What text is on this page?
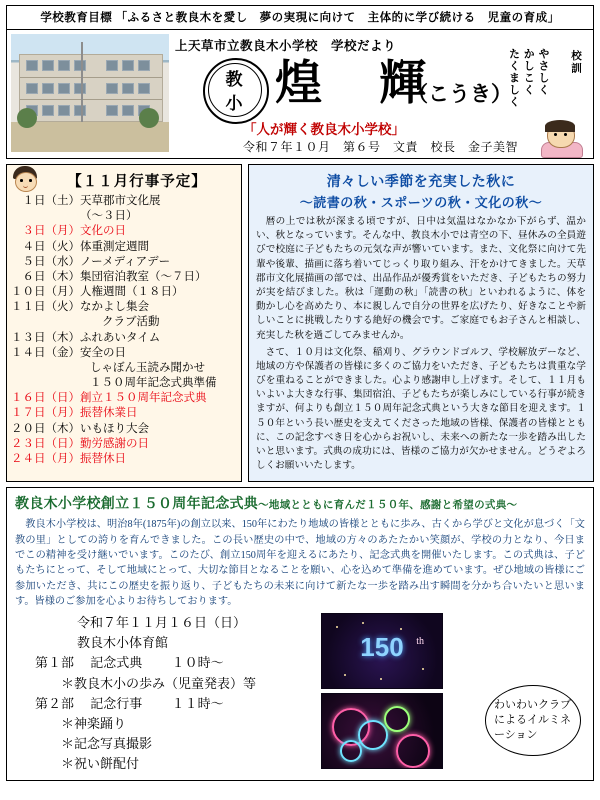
学校教育目標 「ふるさと教良木を愛し　夢の実現に向けて　主体的に学び続ける　児童の育成」
上天草市立教良木小学校　学校だより
教
小 煌　輝
（こうき）
校訓
やさしく
かしこく
たくましく
「人が輝く教良木小学校」
令和７年１０月　第６号　文責　校長　金子美智
【１１月行事予定】
１日	（土）	天草郡市文化展
		（～３日）
３日	（月）	文化の日
４日	（火）	体重測定週間
５日	（水）	ノーメディアデー
６日	（木）	集団宿泊教室（～７日）
１０日	（月）	人権週間（１８日）
１１日	（火）	なかよし集会
		クラブ活動
１３日	（木）	ふれあいタイム
１４日	（金）	安全の日
		しゃぼん玉読み聞かせ
		１５０周年記念式典準備
１６日	（日）	創立１５０周年記念式典
１７日	（月）	振替休業日
２０日	（木）	いもほり大会
２３日	（日）	勤労感謝の日
２４日	（月）	振替休日
清々しい季節を充実した秋に
～読書の秋・スポーツの秋・文化の秋～

暦の上では秋が深まる頃ですが、日中は気温はなかなか下がらず、温かい、秋となっています。そんな中、教良木小では青空の下、昼休みの全員遊びで校庭に子どもたちの元気な声が響いています。また、文化祭に向けて先輩や後輩、描画に落ち着いてじっくり取り組み、汗をかけてきました。天草郡市文化展描画の部では、出品作品が優秀賞をいただき、子どもたちの努力が実を結びました。秋は「運動の秋」「読書の秋」といわれるように、体を動かし心を高めたり、本に親しんで自分の世界を広げたり、好きなことや新しいことに挑戦したりする絶好の機会です。ご家庭でもお子さんと相談し、充実した秋を過ごしてみませんか。

さて、１０月は文化祭、稲刈り、グラウンドゴルフ、学校解放デーなど、地域の方や保護者の皆様に多くのご協力をいただき、子どもたちは貴重な学びを重ねることができました。心より感謝申し上げます。そして、１１月もいよいよ大きな行事、集団宿泊、子どもたちが楽しみにしている行事が続きますが、何よりも創立１５０周年記念式典という大きな節目を迎えます。１５０年という長い歴史を支えてくださった地域の皆様、保護者の皆様とともに、この記念すべき日を心からお祝いし、未来への新たな一歩を踏み出したいと思います。式典の成功には、皆様のご協力が欠かせません。どうぞよろしくお願いいたします。

教良木小学校創立１５０周年記念式典～地域とともに育んだ１５０年、感謝と希望の式典～
教良木小学校は、明治8年(1875年)の創立以来、150年にわたり地域の皆様とともに歩み、古くから学びと文化が息づく「文教の里」としての誇りを育んできました。この長い歴史の中で、地域の方々のあたたかい笑顔が、学校の力となり、今日までこの精神を受け継いでいます。このたび、創立150周年を迎えるにあたり、記念式典を開催いたします。この式典は、子どもたちにとって、そして地域にとって、大切な節目となることを願い、心を込めて準備を進めています。ぜひ地域の皆様にご参加いただき、共にこの歴史を振り返り、子どもたちの未来に向けて新たな一歩を踏み出す瞬間を分かち合いたいと思います。皆様のご参加を心よりお待ちしております。
令和７年１１月１６日（日）
教良木小体育館
第１部 　 記念式典 　　 １０時～
＊教良木小の歩み（児童発表）等
第２部 　 記念行事 　　 １１時～
＊神楽踊り
＊記念写真撮影
＊祝い餅配付
150	th
わいわいクラブによるイルミネーション
